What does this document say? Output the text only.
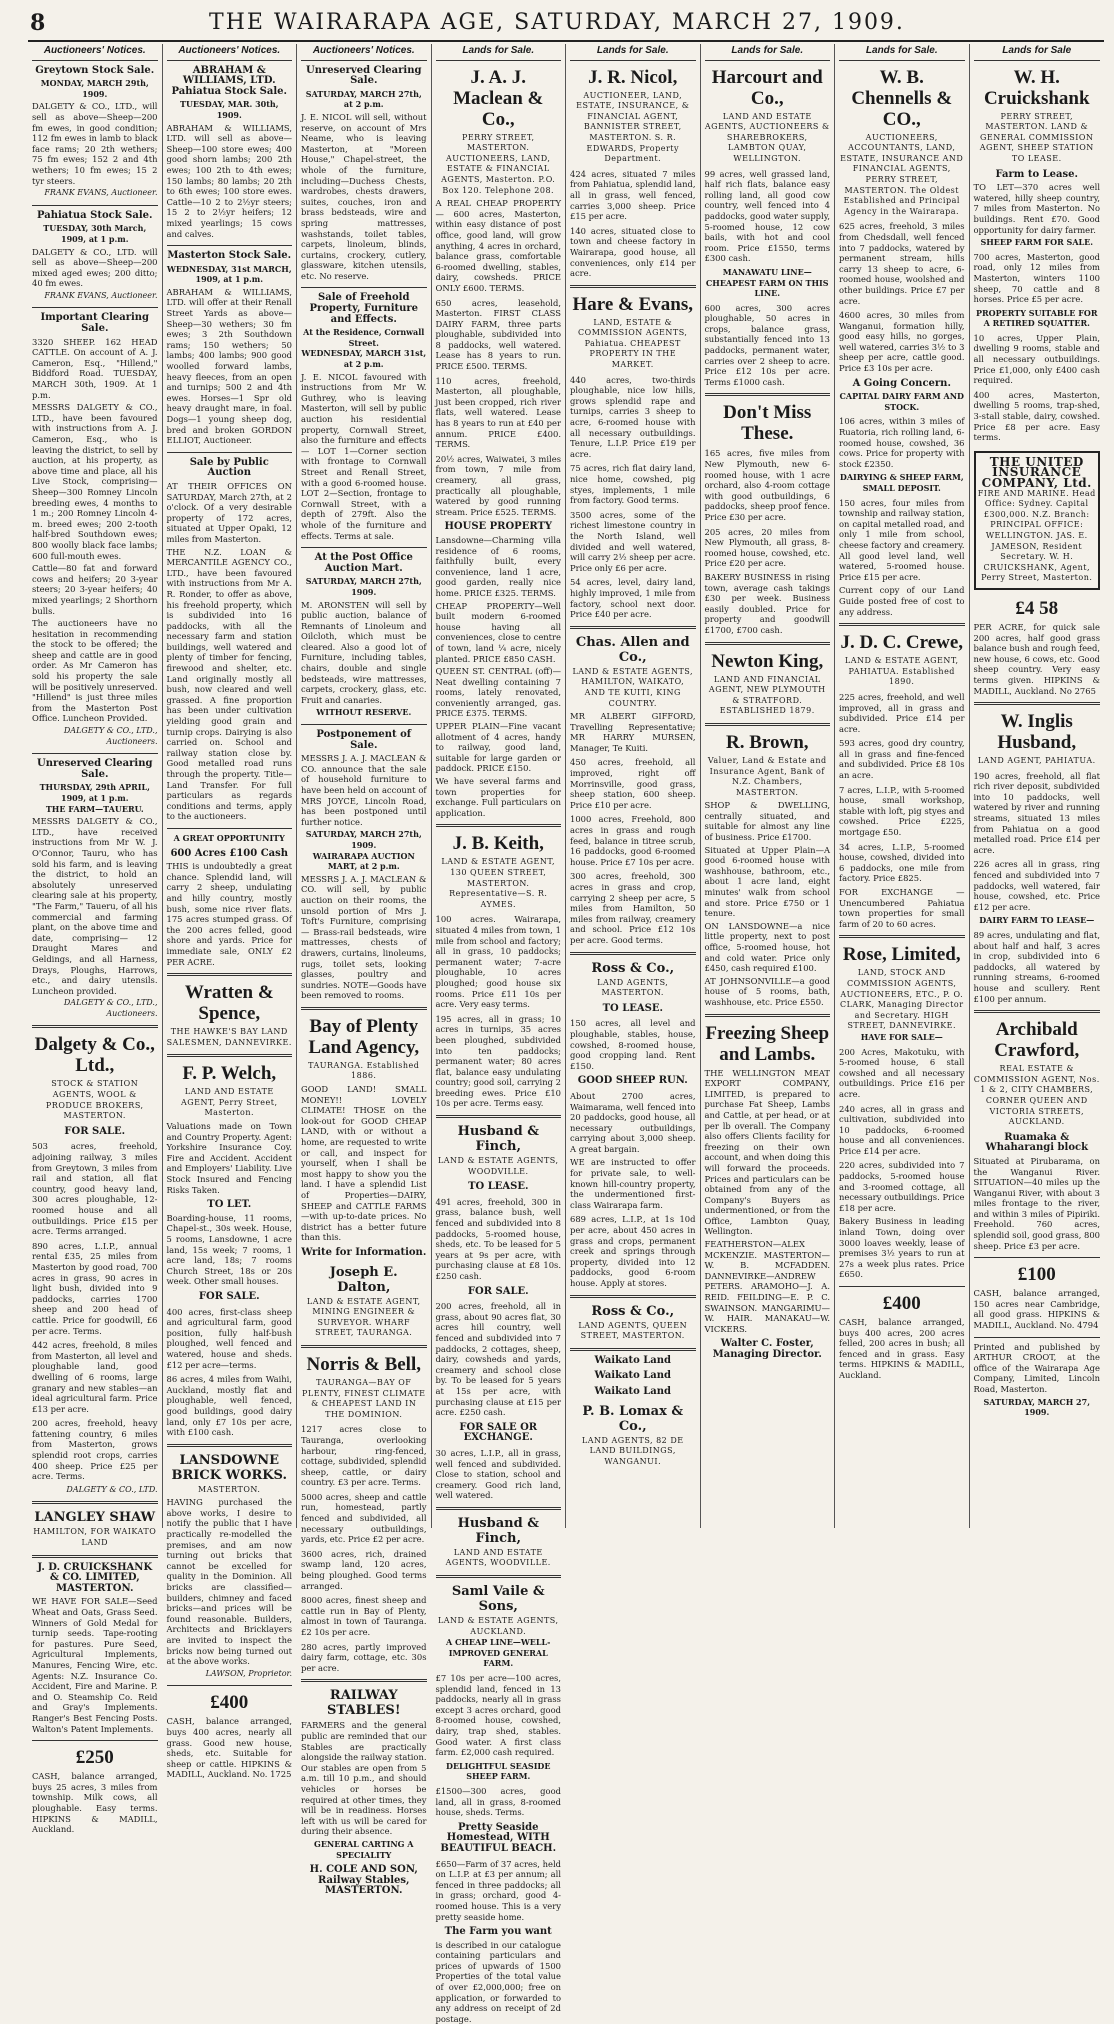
8	THE WAIRARAPA AGE, SATURDAY, MARCH 27, 1909.
Auctioneers' Notices.
Greytown Stock Sale.
MONDAY, MARCH 29th, 1909.
DALGETY & CO., LTD., will sell as above—Sheep—200 fm ewes, in good condition; 112 fm ewes in lamb to black face rams; 20 2th wethers; 75 fm ewes; 152 2 and 4th wethers; 10 fm ewes; 15 2 tyr steers.
FRANK EVANS, Auctioneer.
Pahiatua Stock Sale.
TUESDAY, 30th March, 1909, at 1 p.m.
DALGETY & CO., LTD. will sell as above—Sheep—200 mixed aged ewes; 200 ditto; 40 fm ewes.
FRANK EVANS, Auctioneer.
Important Clearing Sale.
3320 SHEEP. 162 HEAD CATTLE. On account of A. J. Cameron, Esq., "Hillend," Biddford Road. TUESDAY, MARCH 30th, 1909. At 1 p.m.
MESSRS DALGETY & CO., LTD., have been favoured with instructions from A. J. Cameron, Esq., who is leaving the district, to sell by auction, at his property, as above time and place, all his Live Stock, comprising—Sheep—300 Romney Lincoln breeding ewes, 4 months to 1 m.; 200 Romney Lincoln 4-m. breed ewes; 200 2-tooth half-bred Southdown ewes; 800 woolly black face lambs; 600 full-mouth ewes.
Cattle—80 fat and forward cows and heifers; 20 3-year steers; 20 3-year heifers; 40 mixed yearlings; 2 Shorthorn bulls.
The auctioneers have no hesitation in recommending the stock to be offered; the sheep and cattle are in good order. As Mr Cameron has sold his property the sale will be positively unreserved. "Hillend" is just three miles from the Masterton Post Office. Luncheon Provided.
DALGETY & CO., LTD., Auctioneers.
Unreserved Clearing Sale.
THURSDAY, 29th APRIL, 1909, at 1 p.m.
THE FARM—TAUERU.
MESSRS DALGETY & CO., LTD., have received instructions from Mr W. J. O'Connor, Tauru, who has sold his farm, and is leaving the district, to hold an absolutely unreserved clearing sale at his property, "The Farm," Taueru, of all his commercial and farming plant, on the above time and date, comprising— 12 Draught Mares and Geldings, and all Harness, Drays, Ploughs, Harrows, etc., and dairy utensils. Luncheon provided.
DALGETY & CO., LTD., Auctioneers.
Dalgety & Co., Ltd.,
STOCK & STATION AGENTS, WOOL & PRODUCE BROKERS, MASTERTON.
FOR SALE.
503 acres, freehold, adjoining railway, 3 miles from Greytown, 3 miles from rail and station, all flat country, good heavy land, 300 acres ploughable, 12-roomed house and all outbuildings. Price £15 per acre. Terms arranged.
890 acres, L.I.P., annual rental £35, 25 miles from Masterton by good road, 700 acres in grass, 90 acres in light bush, divided into 9 paddocks, carries 1700 sheep and 200 head of cattle. Price for goodwill, £6 per acre. Terms.
442 acres, freehold, 8 miles from Masterton, all level and ploughable land, good dwelling of 6 rooms, large granary and new stables—an ideal agricultural farm. Price £13 per acre.
200 acres, freehold, heavy fattening country, 6 miles from Masterton, grows splendid root crops, carries 400 sheep. Price £25 per acre. Terms.
DALGETY & CO., LTD.
LANGLEY SHAW
HAMILTON, FOR WAIKATO LAND
J. D. CRUICKSHANK & CO. LIMITED, MASTERTON.
WE HAVE FOR SALE—Seed Wheat and Oats, Grass Seed. Winners of Gold Medal for turnip seeds. Tape-rooting for pastures. Pure Seed, Agricultural Implements, Manures, Fencing Wire, etc. Agents: N.Z. Insurance Co. Accident, Fire and Marine. P. and O. Steamship Co. Reid and Gray's Implements. Ranger's Best Fencing Posts. Walton's Patent Implements.
£250
CASH, balance arranged, buys 25 acres, 3 miles from township. Milk cows, all ploughable. Easy terms. HIPKINS & MADILL, Auckland.
Auctioneers' Notices.
ABRAHAM & WILLIAMS, LTD. Pahiatua Stock Sale.
TUESDAY, MAR. 30th, 1909.
ABRAHAM & WILLIAMS, LTD. will sell as above—Sheep—100 store ewes; 400 good shorn lambs; 200 2th ewes; 100 2th to 4th ewes; 150 lambs; 80 lambs; 20 2th to 6th ewes; 100 store ewes. Cattle—10 2 to 2½yr steers; 15 2 to 2½yr heifers; 12 mixed yearlings; 15 cows and calves.
Masterton Stock Sale.
WEDNESDAY, 31st MARCH, 1909, at 1 p.m.
ABRAHAM & WILLIAMS, LTD. will offer at their Renall Street Yards as above—Sheep—30 wethers; 30 fm ewes; 3 2th Southdown rams; 150 wethers; 50 lambs; 400 lambs; 900 good woolled forward lambs, heavy fleeces, from an open and turnips; 500 2 and 4th ewes. Horses—1 Spr old heavy draught mare, in foal. Dogs—1 young sheep dog, bred and broken GORDON ELLIOT, Auctioneer.
Sale by Public Auction
AT THEIR OFFICES ON SATURDAY, March 27th, at 2 o'clock. Of a very desirable property of 172 acres, situated at Upper Opaki, 12 miles from Masterton.
THE N.Z. LOAN & MERCANTILE AGENCY CO., LTD., have been favoured with instructions from Mr A. R. Ronder, to offer as above, his freehold property, which is subdivided into 16 paddocks, with all the necessary farm and station buildings, well watered and plenty of timber for fencing, firewood and shelter, etc. Land originally mostly all bush, now cleared and well grassed. A fine proportion has been under cultivation yielding good grain and turnip crops. Dairying is also carried on. School and railway station close by. Good metalled road runs through the property. Title—Land Transfer. For full particulars as regards conditions and terms, apply to the auctioneers.
A GREAT OPPORTUNITY
600 Acres £100 Cash
THIS is undoubtedly a great chance. Splendid land, will carry 2 sheep, undulating and hilly country, mostly bush, some nice river flats. 175 acres stumped grass. Of the 200 acres felled, good shore and yards. Price for immediate sale, ONLY £2 PER ACRE.
Wratten & Spence,
THE HAWKE'S BAY LAND SALESMEN, DANNEVIRKE.
F. P. Welch,
LAND AND ESTATE AGENT, Perry Street, Masterton.
Valuations made on Town and Country Property. Agent: Yorkshire Insurance Coy. Fire and Accident. Accident and Employers' Liability. Live Stock Insured and Fencing Risks Taken.
TO LET.
Boarding-house, 11 rooms, Chapel-st., 30s week. House, 5 rooms, Lansdowne, 1 acre land, 15s week; 7 rooms, 1 acre land, 18s; 7 rooms Church Street, 18s or 20s week. Other small houses.
FOR SALE.
400 acres, first-class sheep and agricultural farm, good position, fully half-bush ploughed, well fenced and watered, house and sheds. £12 per acre—terms.
86 acres, 4 miles from Waihi, Auckland, mostly flat and ploughable, well fenced, good buildings, good dairy land, only £7 10s per acre, with £100 cash.
LANSDOWNE BRICK WORKS.
MASTERTON.
HAVING purchased the above works, I desire to notify the public that I have practically re-modelled the premises, and am now turning out bricks that cannot be excelled for quality in the Dominion. All bricks are classified—builders, chimney and faced bricks—and prices will be found reasonable. Builders, Architects and Bricklayers are invited to inspect the bricks now being turned out at the above works.
LAWSON, Proprietor.
£400
CASH, balance arranged, buys 400 acres, nearly all grass. Good new house, sheds, etc. Suitable for sheep or cattle. HIPKINS & MADILL, Auckland. No. 1725
Auctioneers' Notices.
Unreserved Clearing Sale.
SATURDAY, MARCH 27th, at 2 p.m.
J. E. NICOL will sell, without reserve, on account of Mrs Neame, who is leaving Masterton, at "Moreen House," Chapel-street, the whole of the furniture, including—Duchess Chests, wardrobes, chests drawers, suites, couches, iron and brass bedsteads, wire and spring mattresses, washstands, toilet tables, carpets, linoleum, blinds, curtains, crockery, cutlery, glassware, kitchen utensils, etc. No reserve.
Sale of Freehold Property, Furniture and Effects.
At the Residence, Cornwall Street.
WEDNESDAY, MARCH 31st, at 2 p.m.
J. E. NICOL favoured with instructions from Mr W. Guthrey, who is leaving Masterton, will sell by public auction his residential property, Cornwall Street, also the furniture and effects— LOT 1—Corner section with frontage to Cornwall Street and Renall Street, with a good 6-roomed house. LOT 2—Section, frontage to Cornwall Street, with a depth of 279ft. Also the whole of the furniture and effects. Terms at sale.
At the Post Office Auction Mart.
SATURDAY, MARCH 27th, 1909.
M. ARONSTEN will sell by public auction, balance of Remnants of Linoleum and Oilcloth, which must be cleared. Also a good lot of Furniture, including tables, chairs, double and single bedsteads, wire mattresses, carpets, crockery, glass, etc. Fruit and canaries.
WITHOUT RESERVE.
Postponement of Sale.
MESSRS J. A. J. MACLEAN & CO. announce that the sale of household furniture to have been held on account of MRS JOYCE, Lincoln Road, has been postponed until further notice.
SATURDAY, MARCH 27th, 1909.
WAIRARAPA AUCTION MART, at 2 p.m.
MESSRS J. A. J. MACLEAN & CO. will sell, by public auction on their rooms, the unsold portion of Mrs J. Toft's Furniture, comprising— Brass-rail bedsteads, wire mattresses, chests of drawers, curtains, linoleums, rugs, toilet sets, looking glasses, poultry and sundries. NOTE—Goods have been removed to rooms.
Bay of Plenty Land Agency,
TAURANGA. Established 1886.
GOOD LAND! SMALL MONEY!! LOVELY CLIMATE! THOSE on the look-out for GOOD CHEAP LAND, with or without a home, are requested to write or call, and inspect for yourself, when I shall be most happy to show you the land. I have a splendid List of Properties—DAIRY, SHEEP and CATTLE FARMS—with up-to-date prices. No district has a better future than this.
Write for Information.
Joseph E. Dalton,
LAND & ESTATE AGENT, MINING ENGINEER & SURVEYOR. WHARF STREET, TAURANGA.
Norris & Bell,
TAURANGA—BAY OF PLENTY, FINEST CLIMATE & CHEAPEST LAND IN THE DOMINION.
1217 acres close to Tauranga, overlooking harbour, ring-fenced, cottage, subdivided, splendid sheep, cattle, or dairy country. £3 per acre. Terms.
5000 acres, sheep and cattle run, homestead, partly fenced and subdivided, all necessary outbuildings, yards, etc. Price £2 per acre.
3600 acres, rich, drained swamp land, 120 acres, being ploughed. Good terms arranged.
8000 acres, finest sheep and cattle run in Bay of Plenty, almost in town of Tauranga. £2 10s per acre.
280 acres, partly improved dairy farm, cottage, etc. 30s per acre.
RAILWAY STABLES!
FARMERS and the general public are reminded that our Stables are practically alongside the railway station. Our stables are open from 5 a.m. till 10 p.m., and should vehicles or horses be required at other times, they will be in readiness. Horses left with us will be cared for during their absence.
GENERAL CARTING A SPECIALITY
H. COLE AND SON, Railway Stables, MASTERTON.
Lands for Sale.
J. A. J. Maclean & Co.,
PERRY STREET, MASTERTON. AUCTIONEERS, LAND, ESTATE & FINANCIAL AGENTS, Masterton. P.O. Box 120. Telephone 208.
A REAL CHEAP PROPERTY— 600 acres, Masterton, within easy distance of post office, good land, will grow anything, 4 acres in orchard, balance grass, comfortable 6-roomed dwelling, stables, dairy, cowsheds. PRICE ONLY £600. TERMS.
650 acres, leasehold, Masterton. FIRST CLASS DAIRY FARM, three parts ploughable, subdivided into 8 paddocks, well watered. Lease has 8 years to run. PRICE £500. TERMS.
110 acres, freehold, Masterton, all ploughable, just been cropped, rich river flats, well watered. Lease has 8 years to run at £40 per annum. PRICE £400. TERMS.
20½ acres, Waiwatei, 3 miles from town, 7 mile from creamery, all grass, practically all ploughable, watered by good running stream. Price £525. TERMS.
HOUSE PROPERTY
Lansdowne—Charming villa residence of 6 rooms, faithfully built, every convenience, land 1 acre, good garden, really nice home. PRICE £325. TERMS.
CHEAP PROPERTY—Well built modern 6-roomed house having all conveniences, close to centre of town, land ¼ acre, nicely planted. PRICE £850 CASH.
QUEEN ST. CENTRAL (off)—Neat dwelling containing 7 rooms, lately renovated, conveniently arranged, gas. PRICE £375. TERMS.
UPPER PLAIN—Fine vacant allotment of 4 acres, handy to railway, good land, suitable for large garden or paddock. PRICE £150.
We have several farms and town properties for exchange. Full particulars on application.
J. B. Keith,
LAND & ESTATE AGENT, 130 QUEEN STREET, MASTERTON. Representative—S. R. AYMES.
100 acres. Wairarapa, situated 4 miles from town, 1 mile from school and factory; all in grass, 10 paddocks; permanent water; 7-acre ploughable, 10 acres ploughed; good house six rooms. Price £11 10s per acre. Very easy terms.
195 acres, all in grass; 10 acres in turnips, 35 acres been ploughed, subdivided into ten paddocks; permanent water; 80 acres flat, balance easy undulating country; good soil, carrying 2 breeding ewes. Price £10 10s per acre. Terms easy.
Husband & Finch,
LAND & ESTATE AGENTS, WOODVILLE.
TO LEASE.
491 acres, freehold, 300 in grass, balance bush, well fenced and subdivided into 8 paddocks, 5-roomed house, sheds, etc. To be leased for 5 years at 9s per acre, with purchasing clause at £8 10s. £250 cash.
FOR SALE.
200 acres, freehold, all in grass, about 90 acres flat, 30 acres hill country, well fenced and subdivided into 7 paddocks, 2 cottages, sheep, dairy, cowsheds and yards, creamery and school close by. To be leased for 5 years at 15s per acre, with purchasing clause at £15 per acre. £250 cash.
FOR SALE OR EXCHANGE.
30 acres, L.I.P., all in grass, well fenced and subdivided. Close to station, school and creamery. Good rich land, well watered.
Husband & Finch,
LAND AND ESTATE AGENTS, WOODVILLE.
Saml Vaile & Sons,
LAND & ESTATE AGENTS, AUCKLAND.
A CHEAP LINE—WELL-IMPROVED GENERAL FARM.
£7 10s per acre—100 acres, splendid land, fenced in 13 paddocks, nearly all in grass except 3 acres orchard, good 8-roomed house, cowshed, dairy, trap shed, stables. Good water. A first class farm. £2,000 cash required.
DELIGHTFUL SEASIDE SHEEP FARM.
£1500—300 acres, good land, all in grass, 8-roomed house, sheds. Terms.
Pretty Seaside Homestead, WITH BEAUTIFUL BEACH.
£650—Farm of 37 acres, held on L.I.P. at £3 per annum; all fenced in three paddocks; all in grass; orchard, good 4-roomed house. This is a very pretty seaside home.
The Farm you want
is described in our catalogue containing particulars and prices of upwards of 1500 Properties of the total value of over £2,000,000; free on application, or forwarded to any address on receipt of 2d postage.
Lands for Sale.
J. R. Nicol,
AUCTIONEER, LAND, ESTATE, INSURANCE, & FINANCIAL AGENT, BANNISTER STREET, MASTERTON. S. R. EDWARDS, Property Department.
424 acres, situated 7 miles from Pahiatua, splendid land, all in grass, well fenced, carries 3,000 sheep. Price £15 per acre.
140 acres, situated close to town and cheese factory in Wairarapa, good house, all conveniences, only £14 per acre.
Hare & Evans,
LAND, ESTATE & COMMISSION AGENTS, Pahiatua. CHEAPEST PROPERTY IN THE MARKET.
440 acres, two-thirds ploughable, nice low hills, grows splendid rape and turnips, carries 3 sheep to acre, 6-roomed house with all necessary outbuildings. Tenure, L.I.P. Price £19 per acre.
75 acres, rich flat dairy land, nice home, cowshed, pig styes, implements, 1 mile from factory. Good terms.
3500 acres, some of the richest limestone country in the North Island, well divided and well watered, will carry 2½ sheep per acre. Price only £6 per acre.
54 acres, level, dairy land, highly improved, 1 mile from factory, school next door. Price £40 per acre.
Chas. Allen and Co.,
LAND & ESTATE AGENTS, HAMILTON, WAIKATO, AND TE KUITI, KING COUNTRY.
MR ALBERT GIFFORD, Travelling Representative; MR HARRY MURSEN, Manager, Te Kuiti.
450 acres, freehold, all improved, right off Morrinsville, good grass, sheep station, 600 sheep. Price £10 per acre.
1000 acres, Freehold, 800 acres in grass and rough feed, balance in titree scrub, 16 paddocks, good 6-roomed house. Price £7 10s per acre.
300 acres, freehold, 300 acres in grass and crop, carrying 2 sheep per acre, 5 miles from Hamilton, 50 miles from railway, creamery and school. Price £12 10s per acre. Good terms.
Ross & Co.,
LAND AGENTS, MASTERTON.
TO LEASE.
150 acres, all level and ploughable, stables, house, cowshed, 8-roomed house, good cropping land. Rent £150.
GOOD SHEEP RUN.
About 2700 acres, Waimarama, well fenced into 20 paddocks, good house, all necessary outbuildings, carrying about 3,000 sheep. A great bargain.
WE are instructed to offer for private sale, to well-known hill-country property, the undermentioned first-class Wairarapa farm.
689 acres, L.I.P., at 1s 10d per acre, about 450 acres in grass and crops, permanent creek and springs through property, divided into 12 paddocks, good 6-room house. Apply at stores.
Ross & Co.,
LAND AGENTS, QUEEN STREET, MASTERTON.
Waikato Land
Waikato Land
Waikato Land
P. B. Lomax & Co.,
LAND AGENTS, 82 DE LAND BUILDINGS, WANGANUI.
Lands for Sale.
Harcourt and Co.,
LAND AND ESTATE AGENTS, AUCTIONEERS & SHAREBROKERS, LAMBTON QUAY, WELLINGTON.
99 acres, well grassed land, half rich flats, balance easy rolling land, all good cow country, well fenced into 4 paddocks, good water supply, 5-roomed house, 12 cow bails, with hot and cool room. Price £1550, terms £300 cash.
MANAWATU LINE—CHEAPEST FARM ON THIS LINE.
600 acres, 300 acres ploughable, 50 acres in crops, balance grass, substantially fenced into 13 paddocks, permanent water, carries over 2 sheep to acre. Price £12 10s per acre. Terms £1000 cash.
Don't Miss These.
165 acres, five miles from New Plymouth, new 6-roomed house, with 1 acre orchard, also 4-room cottage with good outbuildings, 6 paddocks, sheep proof fence. Price £30 per acre.
205 acres, 20 miles from New Plymouth, all grass, 8-roomed house, cowshed, etc. Price £20 per acre.
BAKERY BUSINESS in rising town, average cash takings £30 per week. Business easily doubled. Price for property and goodwill £1700, £700 cash.
Newton King,
LAND AND FINANCIAL AGENT, NEW PLYMOUTH & STRATFORD. ESTABLISHED 1879.
R. Brown,
Valuer, Land & Estate and Insurance Agent, Bank of N.Z. Chambers, MASTERTON.
SHOP & DWELLING, centrally situated, and suitable for almost any line of business. Price £1700.
Situated at Upper Plain—A good 6-roomed house with washhouse, bathroom, etc., about 1 acre land, eight minutes' walk from school and store. Price £750 or 1 tenure.
ON LANSDOWNE—a nice little property, next to post office, 5-roomed house, hot and cold water. Price only £450, cash required £100.
AT JOHNSONVILLE—a good house of 5 rooms, bath, washhouse, etc. Price £550.
Freezing Sheep and Lambs.
THE WELLINGTON MEAT EXPORT COMPANY, LIMITED, is prepared to purchase Fat Sheep, Lambs and Cattle, at per head, or at per lb overall. The Company also offers Clients facility for freezing on their own account, and when doing this will forward the proceeds. Prices and particulars can be obtained from any of the Company's Buyers as undermentioned, or from the Office, Lambton Quay, Wellington.
FEATHERSTON—ALEX MCKENZIE. MASTERTON—W. B. MCFADDEN. DANNEVIRKE—ANDREW PETERS. ARAMOHO—J. A. REID. FEILDING—E. P. C. SWAINSON. MANGARIMU—W. HAIR. MANAKAU—W. VICKERS.
Walter C. Foster, Managing Director.
Lands for Sale.
W. B. Chennells & CO.,
AUCTIONEERS, ACCOUNTANTS, LAND, ESTATE, INSURANCE AND FINANCIAL AGENTS, PERRY STREET, MASTERTON. The Oldest Established and Principal Agency in the Wairarapa.
625 acres, freehold, 3 miles from Chedsdall, well fenced into 7 paddocks, watered by permanent stream, hills carry 13 sheep to acre, 6-roomed house, woolshed and other buildings. Price £7 per acre.
4600 acres, 30 miles from Wanganui, formation hilly, good easy hills, no gorges, well watered, carries 3½ to 3 sheep per acre, cattle good. Price £3 10s per acre.
A Going Concern.
CAPITAL DAIRY FARM AND STOCK.
106 acres, within 3 miles of Ruatoria, rich rolling land, 6-roomed house, cowshed, 36 cows. Price for property with stock £2350.
DAIRYING & SHEEP FARM, SMALL DEPOSIT.
150 acres, four miles from township and railway station, on capital metalled road, and only 1 mile from school, cheese factory and creamery. All good level land, well watered, 5-roomed house. Price £15 per acre.
Current copy of our Land Guide posted free of cost to any address.
J. D. C. Crewe,
LAND & ESTATE AGENT, PAHIATUA. Established 1890.
225 acres, freehold, and well improved, all in grass and subdivided. Price £14 per acre.
593 acres, good dry country, all in grass and fine-fenced and subdivided. Price £8 10s an acre.
7 acres, L.I.P., with 5-roomed house, small workshop, stable with loft, pig styes and cowshed. Price £225, mortgage £50.
34 acres, L.I.P., 5-roomed house, cowshed, divided into 6 paddocks, one mile from factory. Price £825.
FOR EXCHANGE — Unencumbered Pahiatua town properties for small farm of 20 to 60 acres.
Rose, Limited,
LAND, STOCK AND COMMISSION AGENTS, AUCTIONEERS, ETC., P. O. CLARK, Managing Director and Secretary. HIGH STREET, DANNEVIRKE.
HAVE FOR SALE—
200 Acres, Makotuku, with 5-roomed house, 6 stall cowshed and all necessary outbuildings. Price £16 per acre.
240 acres, all in grass and cultivation, subdivided into 10 paddocks, 6-roomed house and all conveniences. Price £14 per acre.
220 acres, subdivided into 7 paddocks, 5-roomed house and 3-roomed cottage, all necessary outbuildings. Price £18 per acre.
Bakery Business in leading inland Town, doing over 3000 loaves weekly, lease of premises 3½ years to run at 27s a week plus rates. Price £650.
£400
CASH, balance arranged, buys 400 acres, 200 acres felled, 200 acres in bush; all fenced and in grass. Easy terms. HIPKINS & MADILL, Auckland.
Lands for Sale
W. H. Cruickshank
PERRY STREET, MASTERTON. LAND & GENERAL COMMISSION AGENT, SHEEP STATION TO LEASE.
Farm to Lease.
TO LET—370 acres well watered, hilly sheep country, 7 miles from Masterton. No buildings. Rent £70. Good opportunity for dairy farmer.
SHEEP FARM FOR SALE.
700 acres, Masterton, good road, only 12 miles from Masterton, winters 1100 sheep, 70 cattle and 8 horses. Price £5 per acre.
PROPERTY SUITABLE FOR A RETIRED SQUATTER.
10 acres, Upper Plain, dwelling 9 rooms, stable and all necessary outbuildings. Price £1,000, only £400 cash required.
400 acres, Masterton, dwelling 5 rooms, trap-shed, 3-stall stable, dairy, cowshed. Price £8 per acre. Easy terms.
THE UNITED INSURANCE COMPANY, Ltd.
FIRE AND MARINE. Head Office: Sydney. Capital £300,000. N.Z. Branch: PRINCIPAL OFFICE: WELLINGTON. JAS. E. JAMESON, Resident Secretary. W. H. CRUICKSHANK, Agent, Perry Street, Masterton.
£4 58
PER ACRE, for quick sale 200 acres, half good grass balance bush and rough feed, new house, 6 cows, etc. Good sheep country. Very easy terms given. HIPKINS & MADILL, Auckland. No 2765
W. Inglis Husband,
LAND AGENT, PAHIATUA.
190 acres, freehold, all flat rich river deposit, subdivided into 10 paddocks, well watered by river and running streams, situated 13 miles from Pahiatua on a good metalled road. Price £14 per acre.
226 acres all in grass, ring fenced and subdivided into 7 paddocks, well watered, fair house, cowshed, etc. Price £12 per acre.
DAIRY FARM TO LEASE—
89 acres, undulating and flat, about half and half, 3 acres in crop, subdivided into 6 paddocks, all watered by running streams, 6-roomed house and scullery. Rent £100 per annum.
Archibald Crawford,
REAL ESTATE & COMMISSION AGENT, Nos. 1 & 2, CITY CHAMBERS, CORNER QUEEN AND VICTORIA STREETS, AUCKLAND.
Ruamaka & Whaharangi block
Situated at Pirubarama, on the Wanganui River. SITUATION—40 miles up the Wanganui River, with about 3 miles frontage to the river, and within 3 miles of Pipiriki. Freehold. 760 acres, splendid soil, good grass, 800 sheep. Price £3 per acre.
£100
CASH, balance arranged, 150 acres near Cambridge, all good grass. HIPKINS & MADILL, Auckland. No. 4794
Printed and published by ARTHUR CROOT, at the office of the Wairarapa Age Company, Limited, Lincoln Road, Masterton.
SATURDAY, MARCH 27, 1909.
